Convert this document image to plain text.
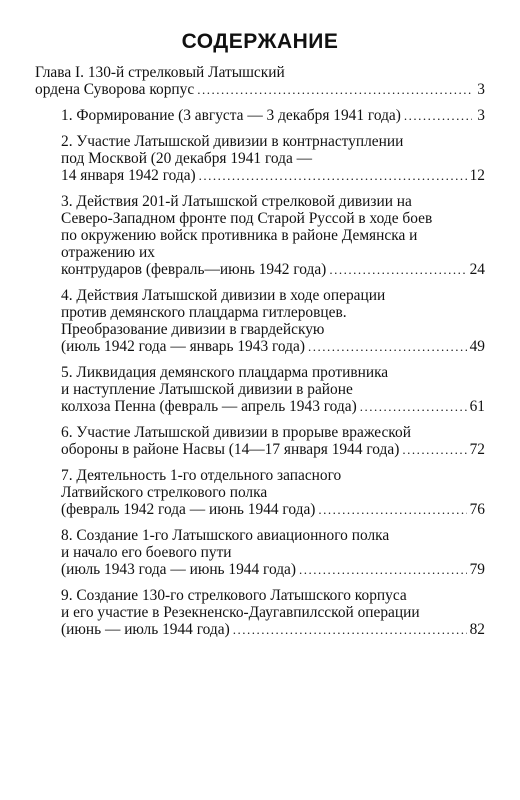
СОДЕРЖАНИЕ
Глава I. 130-й стрелковый Латышский
ордена Суворова корпус .....	3
1. Формирование (3 августа — 3 декабря 1941 года) .....	3
2. Участие Латышской дивизии в контрнаступлении
под Москвой (20 декабря 1941 года —
14 января 1942 года) .....	12
3. Действия 201-й Латышской стрелковой дивизии на
Северо-Западном фронте под Старой Руссой в ходе боев
по окружению войск противника в районе Демянска и
отражению их
контрударов (февраль—июнь 1942 года) .....	24
4. Действия Латышской дивизии в ходе операции
против демянского плацдарма гитлеровцев.
Преобразование дивизии в гвардейскую
(июль 1942 года — январь 1943 года) .....	49
5. Ликвидация демянского плацдарма противника
и наступление Латышской дивизии в районе
колхоза Пенна (февраль — апрель 1943 года) .....	61
6. Участие Латышской дивизии в прорыве вражеской
обороны в районе Насвы (14—17 января 1944 года) .....	72
7. Деятельность 1-го отдельного запасного
Латвийского стрелкового полка
(февраль 1942 года — июнь 1944 года) .....	76
8. Создание 1-го Латышского авиационного полка
и начало его боевого пути
(июль 1943 года — июнь 1944 года) .....	79
9. Создание 130-го стрелкового Латышского корпуса
и его участие в Резекненско-Даугавпилсской операции
(июнь — июль 1944 года) .....	82
